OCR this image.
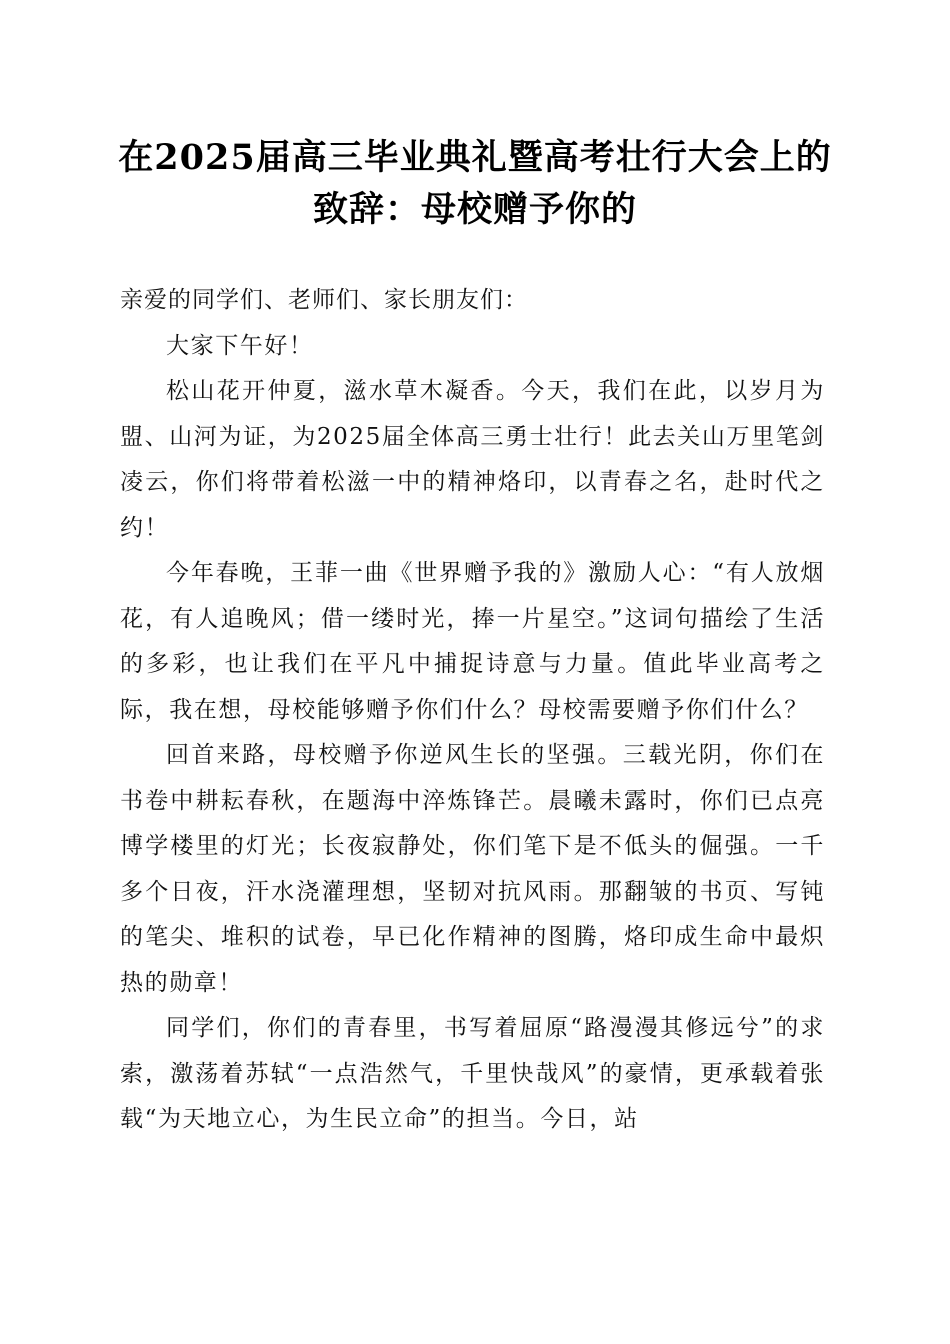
在2025届高三毕业典礼暨高考壮行大会上的
致辞：母校赠予你的

亲爱的同学们、老师们、家长朋友们：

大家下午好！

松山花开仲夏，滋水草木凝香。今天，我们在此，以岁月为盟、山河为证，为2025届全体高三勇士壮行！此去关山万里笔剑凌云，你们将带着松滋一中的精神烙印，以青春之名，赴时代之约！

今年春晚，王菲一曲《世界赠予我的》激励人心：“有人放烟花，有人追晚风；借一缕时光，捧一片星空。”这词句描绘了生活的多彩，也让我们在平凡中捕捉诗意与力量。值此毕业高考之际，我在想，母校能够赠予你们什么？母校需要赠予你们什么？

回首来路，母校赠予你逆风生长的坚强。三载光阴，你们在书卷中耕耘春秋，在题海中淬炼锋芒。晨曦未露时，你们已点亮博学楼里的灯光；长夜寂静处，你们笔下是不低头的倔强。一千多个日夜，汗水浇灌理想，坚韧对抗风雨。那翻皱的书页、写钝的笔尖、堆积的试卷，早已化作精神的图腾，烙印成生命中最炽热的勋章！

同学们，你们的青春里，书写着屈原“路漫漫其修远兮”的求索，激荡着苏轼“一点浩然气，千里快哉风”的豪情，更承载着张载“为天地立心，为生民立命”的担当。今日，站
